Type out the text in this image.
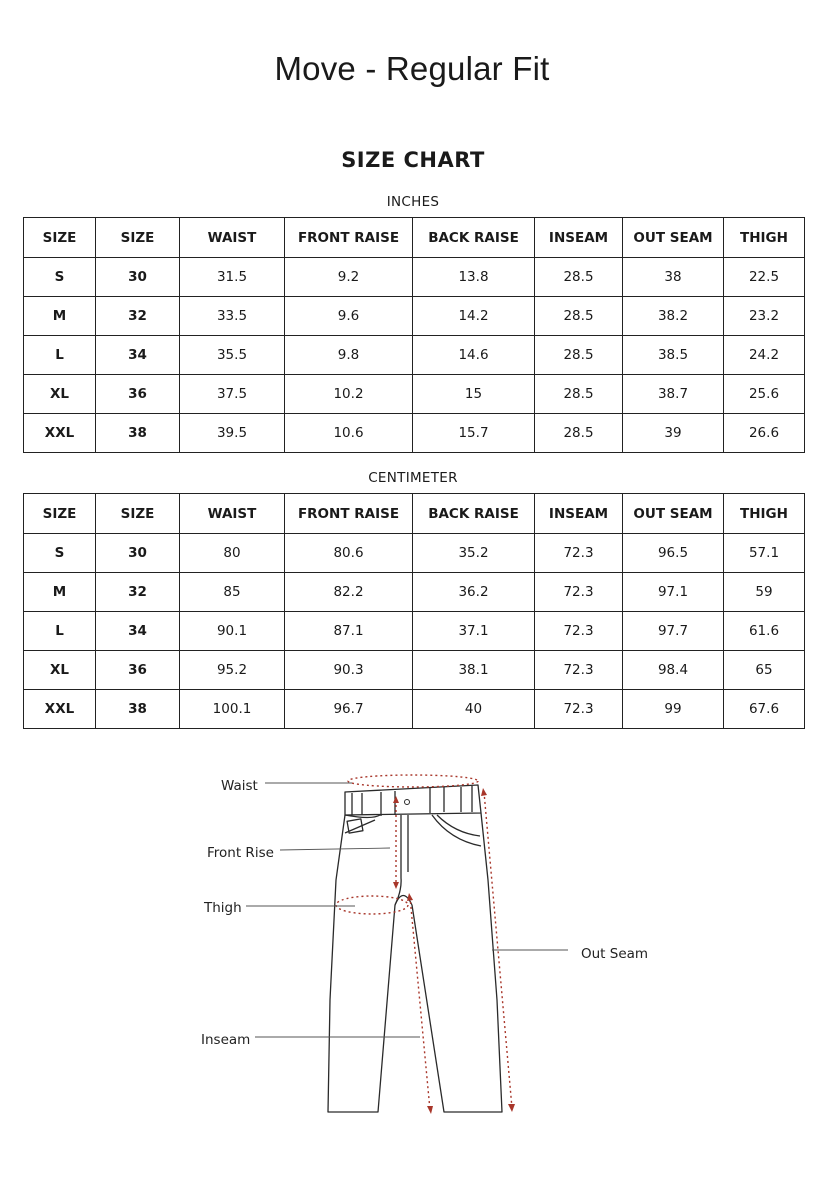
Move - Regular Fit
SIZE CHART
INCHES
SIZE	SIZE	WAIST	FRONT RAISE	BACK RAISE	INSEAM	OUT SEAM	THIGH
S	30	31.5	9.2	13.8	28.5	38	22.5
M	32	33.5	9.6	14.2	28.5	38.2	23.2
L	34	35.5	9.8	14.6	28.5	38.5	24.2
XL	36	37.5	10.2	15	28.5	38.7	25.6
XXL	38	39.5	10.6	15.7	28.5	39	26.6
CENTIMETER
SIZE	SIZE	WAIST	FRONT RAISE	BACK RAISE	INSEAM	OUT SEAM	THIGH
S	30	80	80.6	35.2	72.3	96.5	57.1
M	32	85	82.2	36.2	72.3	97.1	59
L	34	90.1	87.1	37.1	72.3	97.7	61.6
XL	36	95.2	90.3	38.1	72.3	98.4	65
XXL	38	100.1	96.7	40	72.3	99	67.6
Waist
Front Rise
Thigh
Inseam
Out Seam
